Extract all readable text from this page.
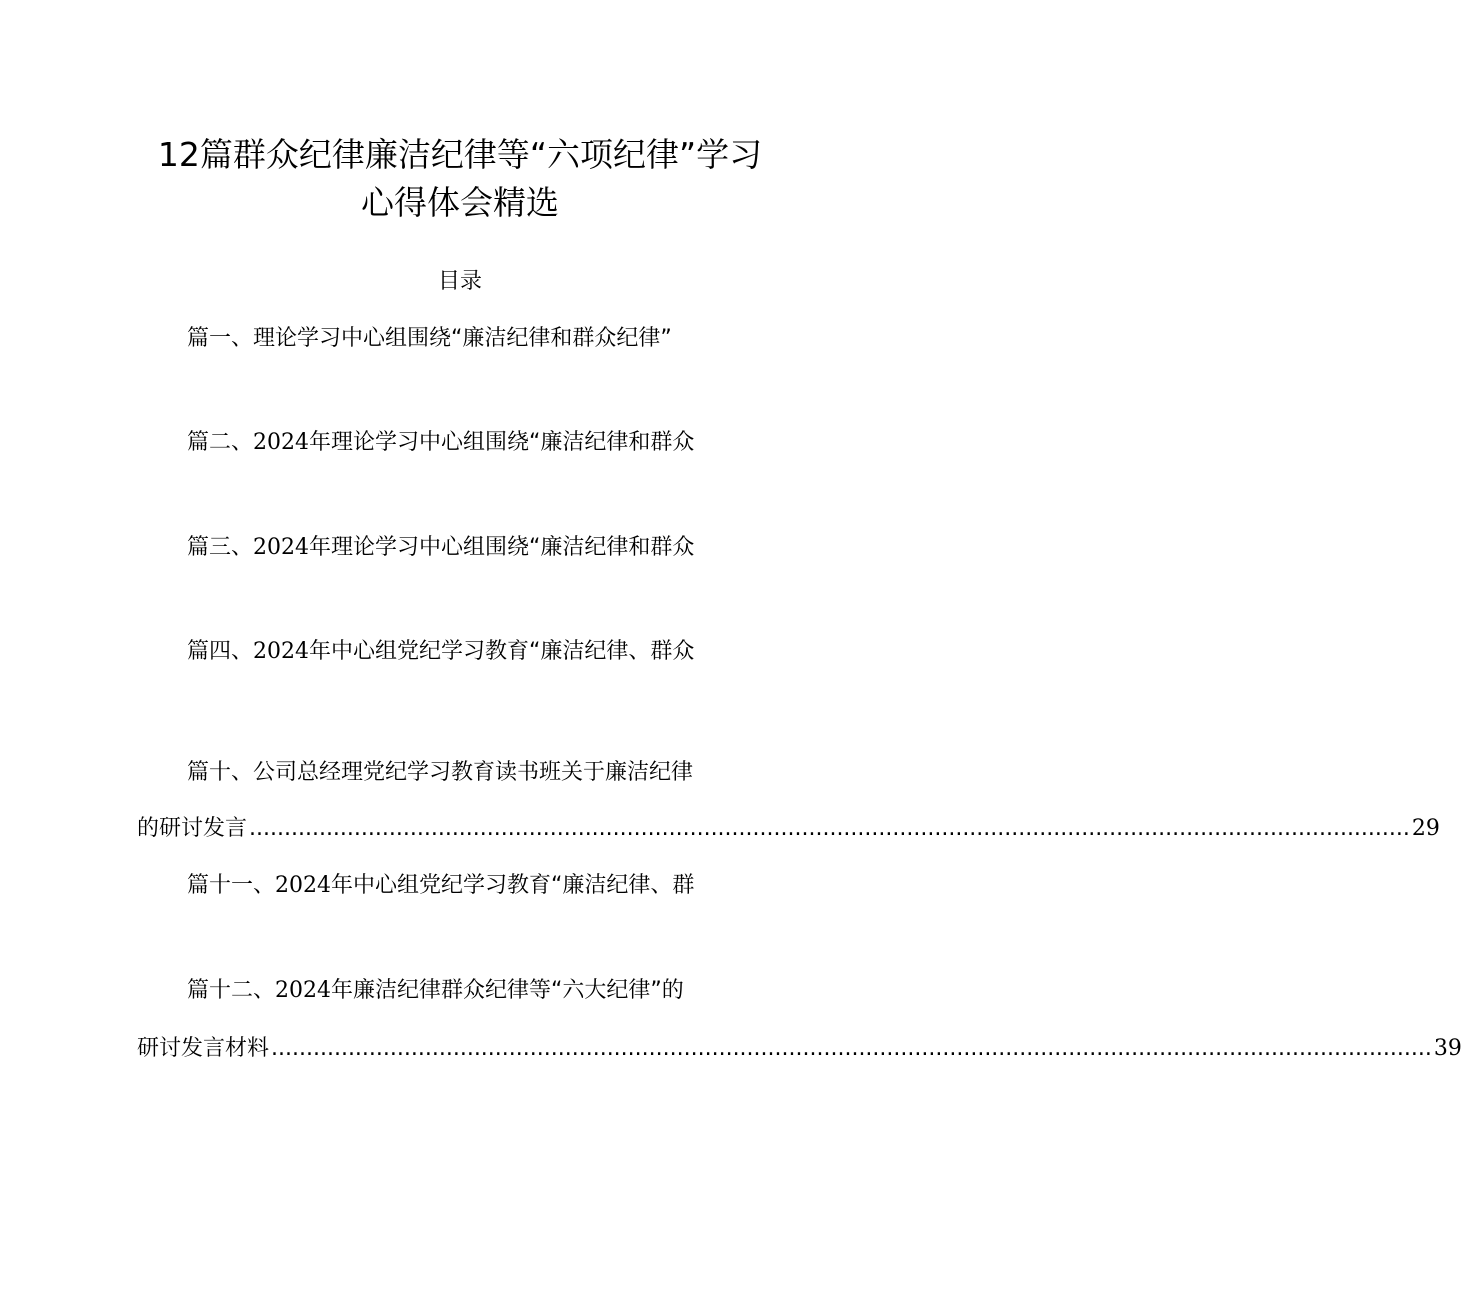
12篇群众纪律廉洁纪律等“六项纪律”学习
心得体会精选
目录
篇一、理论学习中心组围绕“廉洁纪律和群众纪律”
篇二、2024年理论学习中心组围绕“廉洁纪律和群众
篇三、2024年理论学习中心组围绕“廉洁纪律和群众
篇四、2024年中心组党纪学习教育“廉洁纪律、群众
篇十、公司总经理党纪学习教育读书班关于廉洁纪律
的研讨发言 ...................................................................................................................................................................... 29
篇十一、2024年中心组党纪学习教育“廉洁纪律、群
篇十二、2024年廉洁纪律群众纪律等“六大纪律”的
研讨发言材料 ...................................................................................................................................................................... 39
